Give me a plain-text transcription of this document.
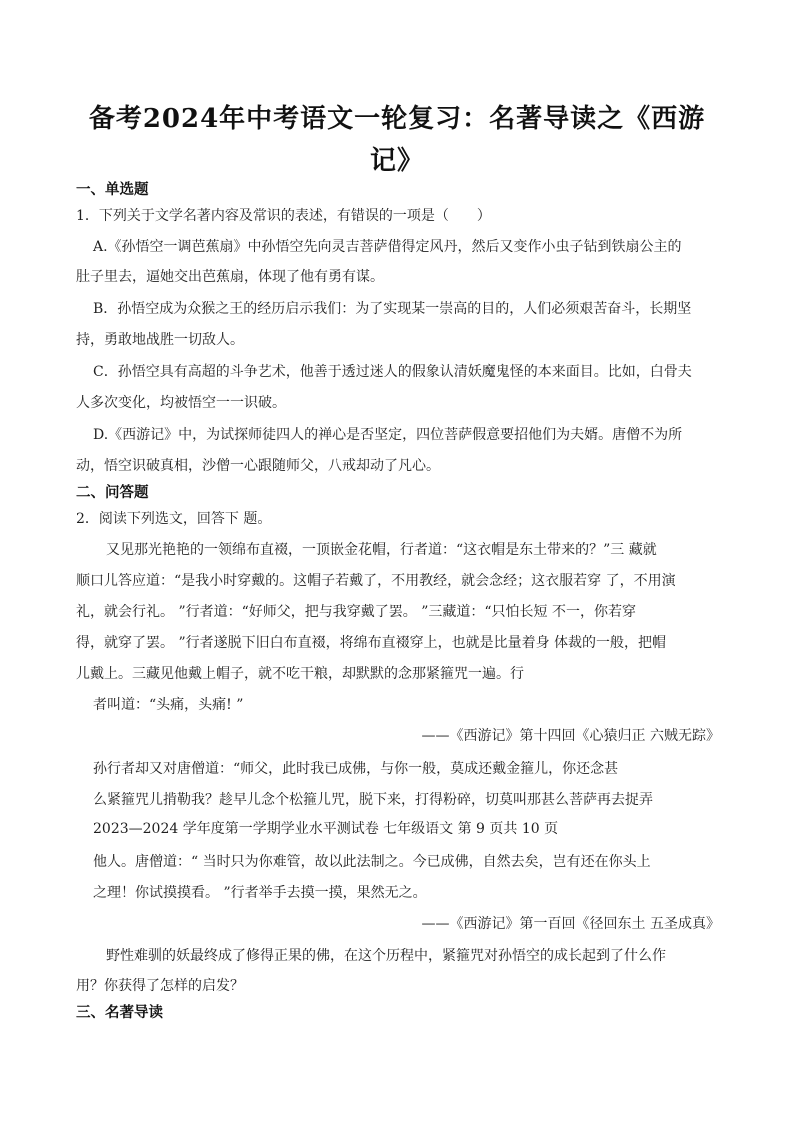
备考2024年中考语文一轮复习：名著导读之《西游
记》
一、单选题
1．下列关于文学名著内容及常识的表述，有错误的一项是（　　）
A.《孙悟空一调芭蕉扇》中孙悟空先向灵吉菩萨借得定风丹，然后又变作小虫子钻到铁扇公主的
肚子里去，逼她交出芭蕉扇，体现了他有勇有谋。
B．孙悟空成为众猴之王的经历启示我们：为了实现某一崇高的目的，人们必须艰苦奋斗，长期坚
持，勇敢地战胜一切敌人。
C．孙悟空具有高超的斗争艺术，他善于透过迷人的假象认清妖魔鬼怪的本来面目。比如，白骨夫
人多次变化，均被悟空一一识破。
D.《西游记》中，为试探师徒四人的禅心是否坚定，四位菩萨假意要招他们为夫婿。唐僧不为所
动，悟空识破真相，沙僧一心跟随师父，八戒却动了凡心。
二、问答题
2．阅读下列选文，回答下 题。
又见那光艳艳的一领绵布直裰，一顶嵌金花帽，行者道：“这衣帽是东土带来的？”三 藏就
顺口儿答应道：“是我小时穿戴的。这帽子若戴了，不用教经，就会念经；这衣服若穿 了，不用演
礼，就会行礼。 ”行者道：“好师父，把与我穿戴了罢。 ”三藏道：“只怕长短 不一，你若穿
得，就穿了罢。 ”行者遂脱下旧白布直裰，将绵布直裰穿上，也就是比量着身 体裁的一般，把帽
儿戴上。三藏见他戴上帽子，就不吃干粮，却默默的念那紧箍咒一遍。行
者叫道：“头痛，头痛! ”
——《西游记》第十四回《心猿归正 六贼无踪》
孙行者却又对唐僧道：“师父，此时我已成佛，与你一般，莫成还戴金箍儿，你还念甚
么紧箍咒儿掯勒我？趁早儿念个松箍儿咒，脱下来，打得粉碎，切莫叫那甚么菩萨再去捉弄
2023—2024 学年度第一学期学业水平测试卷 七年级语文 第 9 页共 10 页
他人。唐僧道：“ 当时只为你难管，故以此法制之。今已成佛，自然去矣，岂有还在你头上
之理！你试摸摸看。 ”行者举手去摸一摸，果然无之。
——《西游记》第一百回《径回东土 五圣成真》
野性难驯的妖最终成了修得正果的佛，在这个历程中，紧箍咒对孙悟空的成长起到了什么作
用？你获得了怎样的启发？
三、名著导读
